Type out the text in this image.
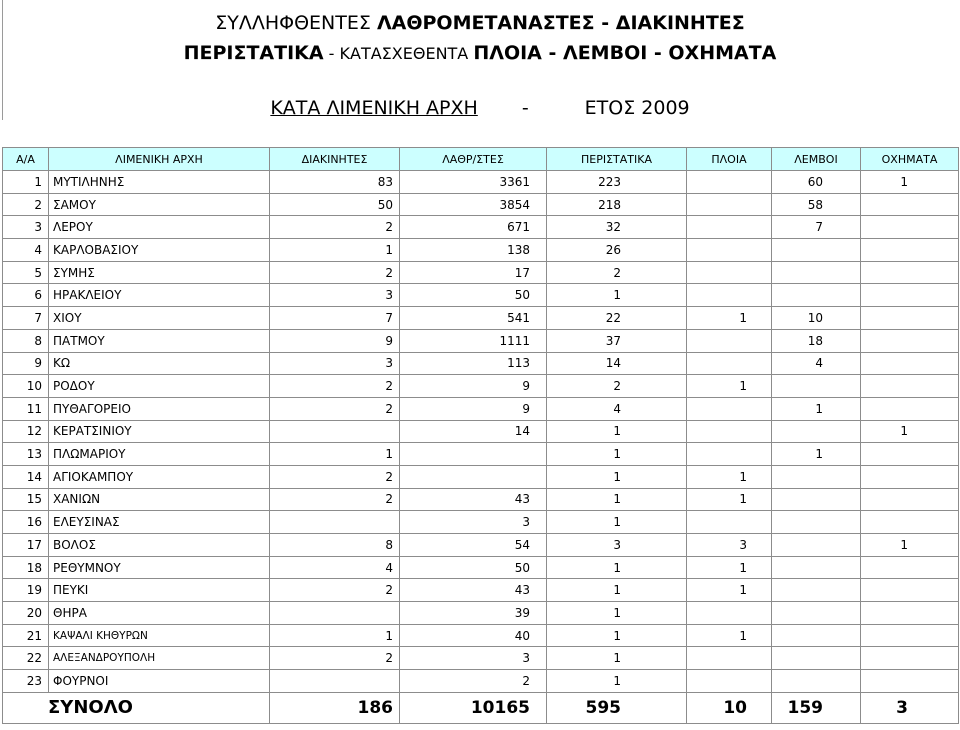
ΣΥΛΛΗΦΘΕΝΤΕΣ ΛΑΘΡΟΜΕΤΑΝΑΣΤΕΣ - ΔΙΑΚΙΝΗΤΕΣ
ΠΕΡΙΣΤΑΤΙΚΑ - ΚΑΤΑΣΧΕΘΕΝΤΑ ΠΛΟΙΑ - ΛΕΜΒΟΙ - ΟΧΗΜΑΤΑ
ΚΑΤΑ ΛΙΜΕΝΙΚΗ ΑΡΧΗ -	ΕΤΟΣ 2009
Α/Α	ΛΙΜΕΝΙΚΗ ΑΡΧΗ	ΔΙΑΚΙΝΗΤΕΣ	ΛΑΘΡ/ΣΤΕΣ	ΠΕΡΙΣΤΑΤΙΚΑ	ΠΛΟΙΑ	ΛΕΜΒΟΙ	ΟΧΗΜΑΤΑ
1	ΜΥΤΙΛΗΝΗΣ	83	3361	223		60	1
2	ΣΑΜΟΥ	50	3854	218		58	
3	ΛΕΡΟΥ	2	671	32		7	
4	ΚΑΡΛΟΒΑΣΙΟΥ	1	138	26			
5	ΣΥΜΗΣ	2	17	2			
6	ΗΡΑΚΛΕΙΟΥ	3	50	1			
7	ΧΙΟΥ	7	541	22	1	10	
8	ΠΑΤΜΟΥ	9	1111	37		18	
9	ΚΩ	3	113	14		4	
10	ΡΟΔΟΥ	2	9	2	1		
11	ΠΥΘΑΓΟΡΕΙΟ	2	9	4		1	
12	ΚΕΡΑΤΣΙΝΙΟΥ		14	1			1
13	ΠΛΩΜΑΡΙΟΥ	1		1		1	
14	ΑΓΙΟΚΑΜΠΟΥ	2		1	1		
15	ΧΑΝΙΩΝ	2	43	1	1		
16	ΕΛΕΥΣΙΝΑΣ		3	1			
17	ΒΟΛΟΣ	8	54	3	3		1
18	ΡΕΘΥΜΝΟΥ	4	50	1	1		
19	ΠΕΥΚΙ	2	43	1	1		
20	ΘΗΡΑ		39	1			
21	ΚΑΨΑΛΙ ΚΗΘΥΡΩΝ	1	40	1	1		
22	ΑΛΕΞΑΝΔΡΟΥΠΟΛΗ	2	3	1			
23	ΦΟΥΡΝΟΙ		2	1			
ΣΥΝΟΛΟ		186	10165	595	10	159	3
